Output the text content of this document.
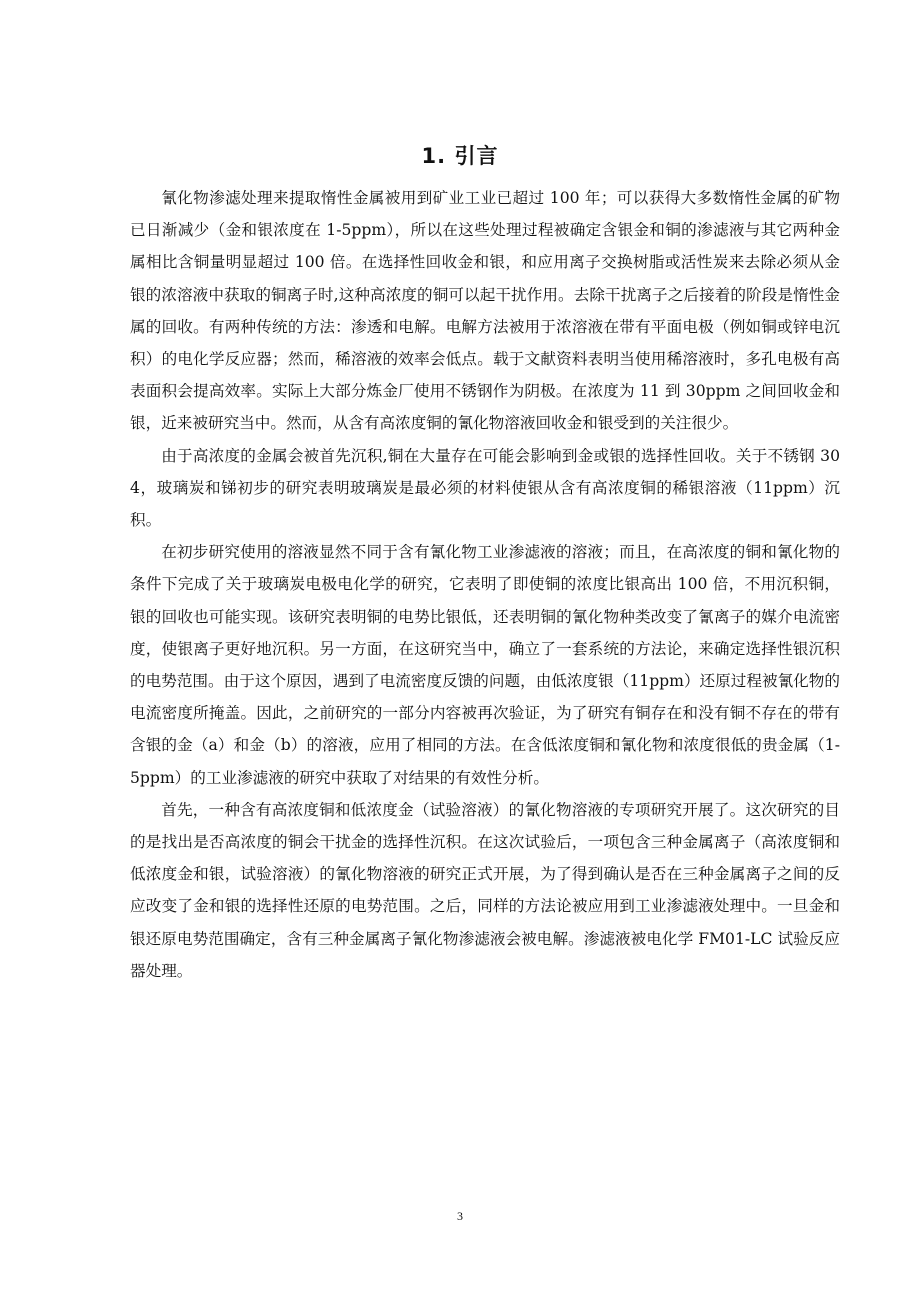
1. 引言

氰化物渗滤处理来提取惰性金属被用到矿业工业已超过 100 年；可以获得大多数惰性金属的矿物已日渐减少（金和银浓度在 1-5ppm），所以在这些处理过程被确定含银金和铜的渗滤液与其它两种金属相比含铜量明显超过 100 倍。在选择性回收金和银，和应用离子交换树脂或活性炭来去除必须从金银的浓溶液中获取的铜离子时,这种高浓度的铜可以起干扰作用。去除干扰离子之后接着的阶段是惰性金属的回收。有两种传统的方法：渗透和电解。电解方法被用于浓溶液在带有平面电极（例如铜或锌电沉积）的电化学反应器；然而，稀溶液的效率会低点。载于文献资料表明当使用稀溶液时，多孔电极有高表面积会提高效率。实际上大部分炼金厂使用不锈钢作为阴极。在浓度为 11 到 30ppm 之间回收金和银，近来被研究当中。然而，从含有高浓度铜的氰化物溶液回收金和银受到的关注很少。

由于高浓度的金属会被首先沉积,铜在大量存在可能会影响到金或银的选择性回收。关于不锈钢 304，玻璃炭和锑初步的研究表明玻璃炭是最必须的材料使银从含有高浓度铜的稀银溶液（11ppm）沉积。

在初步研究使用的溶液显然不同于含有氰化物工业渗滤液的溶液；而且，在高浓度的铜和氰化物的条件下完成了关于玻璃炭电极电化学的研究，它表明了即使铜的浓度比银高出 100 倍，不用沉积铜，银的回收也可能实现。该研究表明铜的电势比银低，还表明铜的氰化物种类改变了氰离子的媒介电流密度，使银离子更好地沉积。另一方面，在这研究当中，确立了一套系统的方法论，来确定选择性银沉积的电势范围。由于这个原因，遇到了电流密度反馈的问题，由低浓度银（11ppm）还原过程被氰化物的电流密度所掩盖。因此，之前研究的一部分内容被再次验证，为了研究有铜存在和没有铜不存在的带有含银的金（a）和金（b）的溶液，应用了相同的方法。在含低浓度铜和氰化物和浓度很低的贵金属（1-5ppm）的工业渗滤液的研究中获取了对结果的有效性分析。

首先，一种含有高浓度铜和低浓度金（试验溶液）的氰化物溶液的专项研究开展了。这次研究的目的是找出是否高浓度的铜会干扰金的选择性沉积。在这次试验后，一项包含三种金属离子（高浓度铜和低浓度金和银，试验溶液）的氰化物溶液的研究正式开展，为了得到确认是否在三种金属离子之间的反应改变了金和银的选择性还原的电势范围。之后，同样的方法论被应用到工业渗滤液处理中。一旦金和银还原电势范围确定，含有三种金属离子氰化物渗滤液会被电解。渗滤液被电化学 FM01-LC 试验反应器处理。

3
